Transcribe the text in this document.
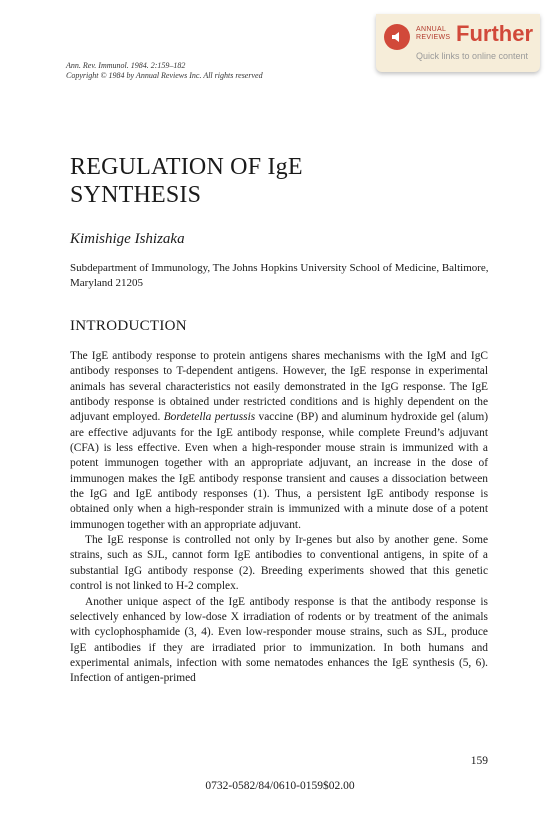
ANNUAL
REVIEWS Further
Quick links to online content
Ann. Rev. Immunol. 1984. 2:159–182
Copyright © 1984 by Annual Reviews Inc. All rights reserved
REGULATION OF IgE SYNTHESIS
Kimishige Ishizaka
Subdepartment of Immunology, The Johns Hopkins University School of Medicine, Baltimore, Maryland 21205
INTRODUCTION

The IgE antibody response to protein antigens shares mechanisms with the IgM and IgC antibody responses to T-dependent antigens. However, the IgE response in experimental animals has several characteristics not easily demonstrated in the IgG response. The IgE antibody response is obtained under restricted conditions and is highly dependent on the adjuvant employed. Bordetella pertussis vaccine (BP) and aluminum hydroxide gel (alum) are effective adjuvants for the IgE antibody response, while complete Freund’s adjuvant (CFA) is less effective. Even when a high-responder mouse strain is immunized with a potent immunogen together with an appropriate adjuvant, an increase in the dose of immunogen makes the IgE antibody response transient and causes a dissociation between the IgG and IgE antibody responses (1). Thus, a persistent IgE antibody response is obtained only when a high-responder strain is immunized with a minute dose of a potent immunogen together with an appropriate adjuvant.

The IgE response is controlled not only by Ir-genes but also by another gene. Some strains, such as SJL, cannot form IgE antibodies to conventional antigens, in spite of a substantial IgG antibody response (2). Breeding experiments showed that this genetic control is not linked to H-2 complex.

Another unique aspect of the IgE antibody response is that the antibody response is selectively enhanced by low-dose X irradiation of rodents or by treatment of the animals with cyclophosphamide (3, 4). Even low-responder mouse strains, such as SJL, produce IgE antibodies if they are irradiated prior to immunization. In both humans and experimental animals, infection with some nematodes enhances the IgE synthesis (5, 6). Infection of antigen-primed

159
0732-0582/84/0610-0159$02.00
